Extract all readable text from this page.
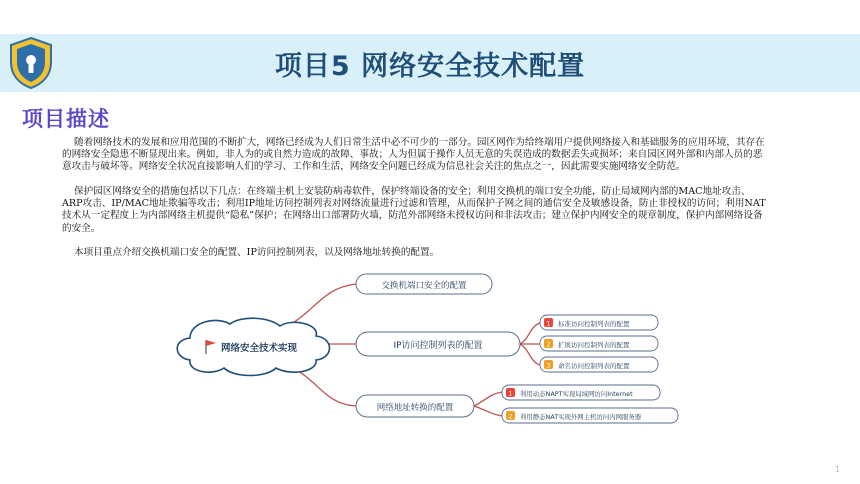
项目5 网络安全技术配置
项目描述

随着网络技术的发展和应用范围的不断扩大，网络已经成为人们日常生活中必不可少的一部分。园区网作为给终端用户提供网络接入和基础服务的应用环境，其存在的网络安全隐患不断显现出来。例如，非人为的或自然力造成的故障、事故；人为但属于操作人员无意的失误造成的数据丢失或损坏；来自园区网外部和内部人员的恶意攻击与破坏等。网络安全状况直接影响人们的学习、工作和生活，网络安全问题已经成为信息社会关注的焦点之一，因此需要实施网络安全防范。

保护园区网络安全的措施包括以下几点：在终端主机上安装防病毒软件，保护终端设备的安全；利用交换机的端口安全功能，防止局域网内部的MAC地址攻击、ARP攻击、IP/MAC地址欺骗等攻击；利用IP地址访问控制列表对网络流量进行过滤和管理，从而保护子网之间的通信安全及敏感设备，防止非授权的访问；利用NAT技术从一定程度上为内部网络主机提供“隐私”保护；在网络出口部署防火墙，防范外部网络未授权访问和非法攻击；建立保护内网安全的规章制度，保护内部网络设备的安全。

本项目重点介绍交换机端口安全的配置、IP访问控制列表，以及网络地址转换的配置。

网络安全技术实现
交换机端口安全的配置
IP访问控制列表的配置
网络地址转换的配置
1 标准访问控制列表的配置
2 扩展访问控制列表的配置
3 命名访问控制列表的配置
1 利用动态NAPT实现局域网访问Internet
2 利用静态NAT实现外网主机访问内网服务器
1
